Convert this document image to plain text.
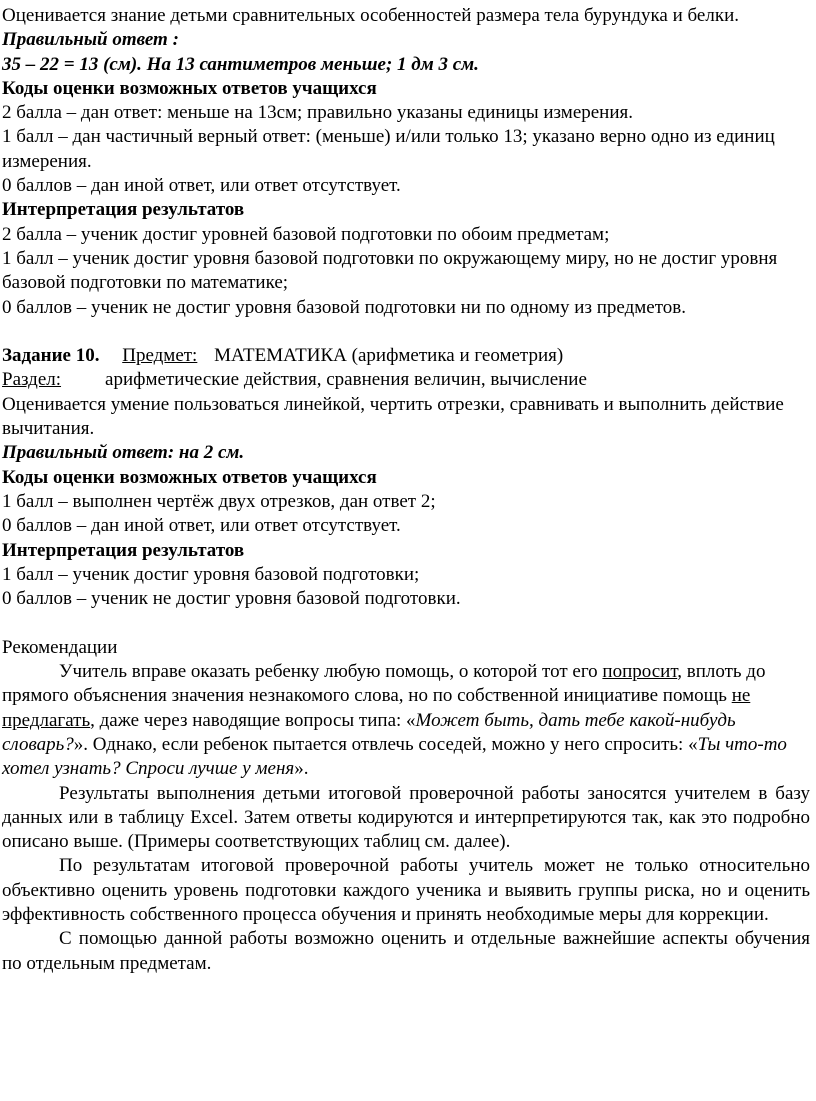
Оценивается знание детьми сравнительных особенностей размера тела бурундука и белки.

Правильный ответ :

35 – 22 = 13 (см). На 13 сантиметров меньше; 1 дм 3 см.

Коды оценки возможных ответов учащихся

2 балла – дан ответ: меньше на 13см; правильно указаны единицы измерения.

1 балл – дан частичный верный ответ: (меньше) и/или только 13; указано верно одно из единиц измерения.

0 баллов – дан иной ответ, или ответ отсутствует.

Интерпретация результатов

2 балла – ученик достиг уровней базовой подготовки по обоим предметам;

1 балл – ученик достиг уровня базовой подготовки по окружающему миру, но не достиг уровня базовой подготовки по математике;

0 баллов – ученик не достиг уровня базовой подготовки ни по одному из предметов.

Задание 10. Предмет: МАТЕМАТИКА (арифметика и геометрия)

Раздел: арифметические действия, сравнения величин, вычисление

Оценивается умение пользоваться линейкой, чертить отрезки, сравнивать и выполнить действие вычитания.

Правильный ответ: на 2 см.

Коды оценки возможных ответов учащихся

1 балл – выполнен чертёж двух отрезков, дан ответ 2;

0 баллов – дан иной ответ, или ответ отсутствует.

Интерпретация результатов

1 балл – ученик достиг уровня базовой подготовки;

0 баллов – ученик не достиг уровня базовой подготовки.

Рекомендации

Учитель вправе оказать ребенку любую помощь, о которой тот его попросит, вплоть до прямого объяснения значения незнакомого слова, но по собственной инициативе помощь не предлагать, даже через наводящие вопросы типа: «Может быть, дать тебе какой-нибудь словарь?». Однако, если ребенок пытается отвлечь соседей, можно у него спросить: «Ты что-то хотел узнать? Спроси лучше у меня».

Результаты выполнения детьми итоговой проверочной работы заносятся учителем в базу данных или в таблицу Excel. Затем ответы кодируются и интерпретируются так, как это подробно описано выше. (Примеры соответствующих таблиц см. далее).

По результатам итоговой проверочной работы учитель может не только относительно объективно оценить уровень подготовки каждого ученика и выявить группы риска, но и оценить эффективность собственного процесса обучения и принять необходимые меры для коррекции.

С помощью данной работы возможно оценить и отдельные важнейшие аспекты обучения по отдельным предметам.
